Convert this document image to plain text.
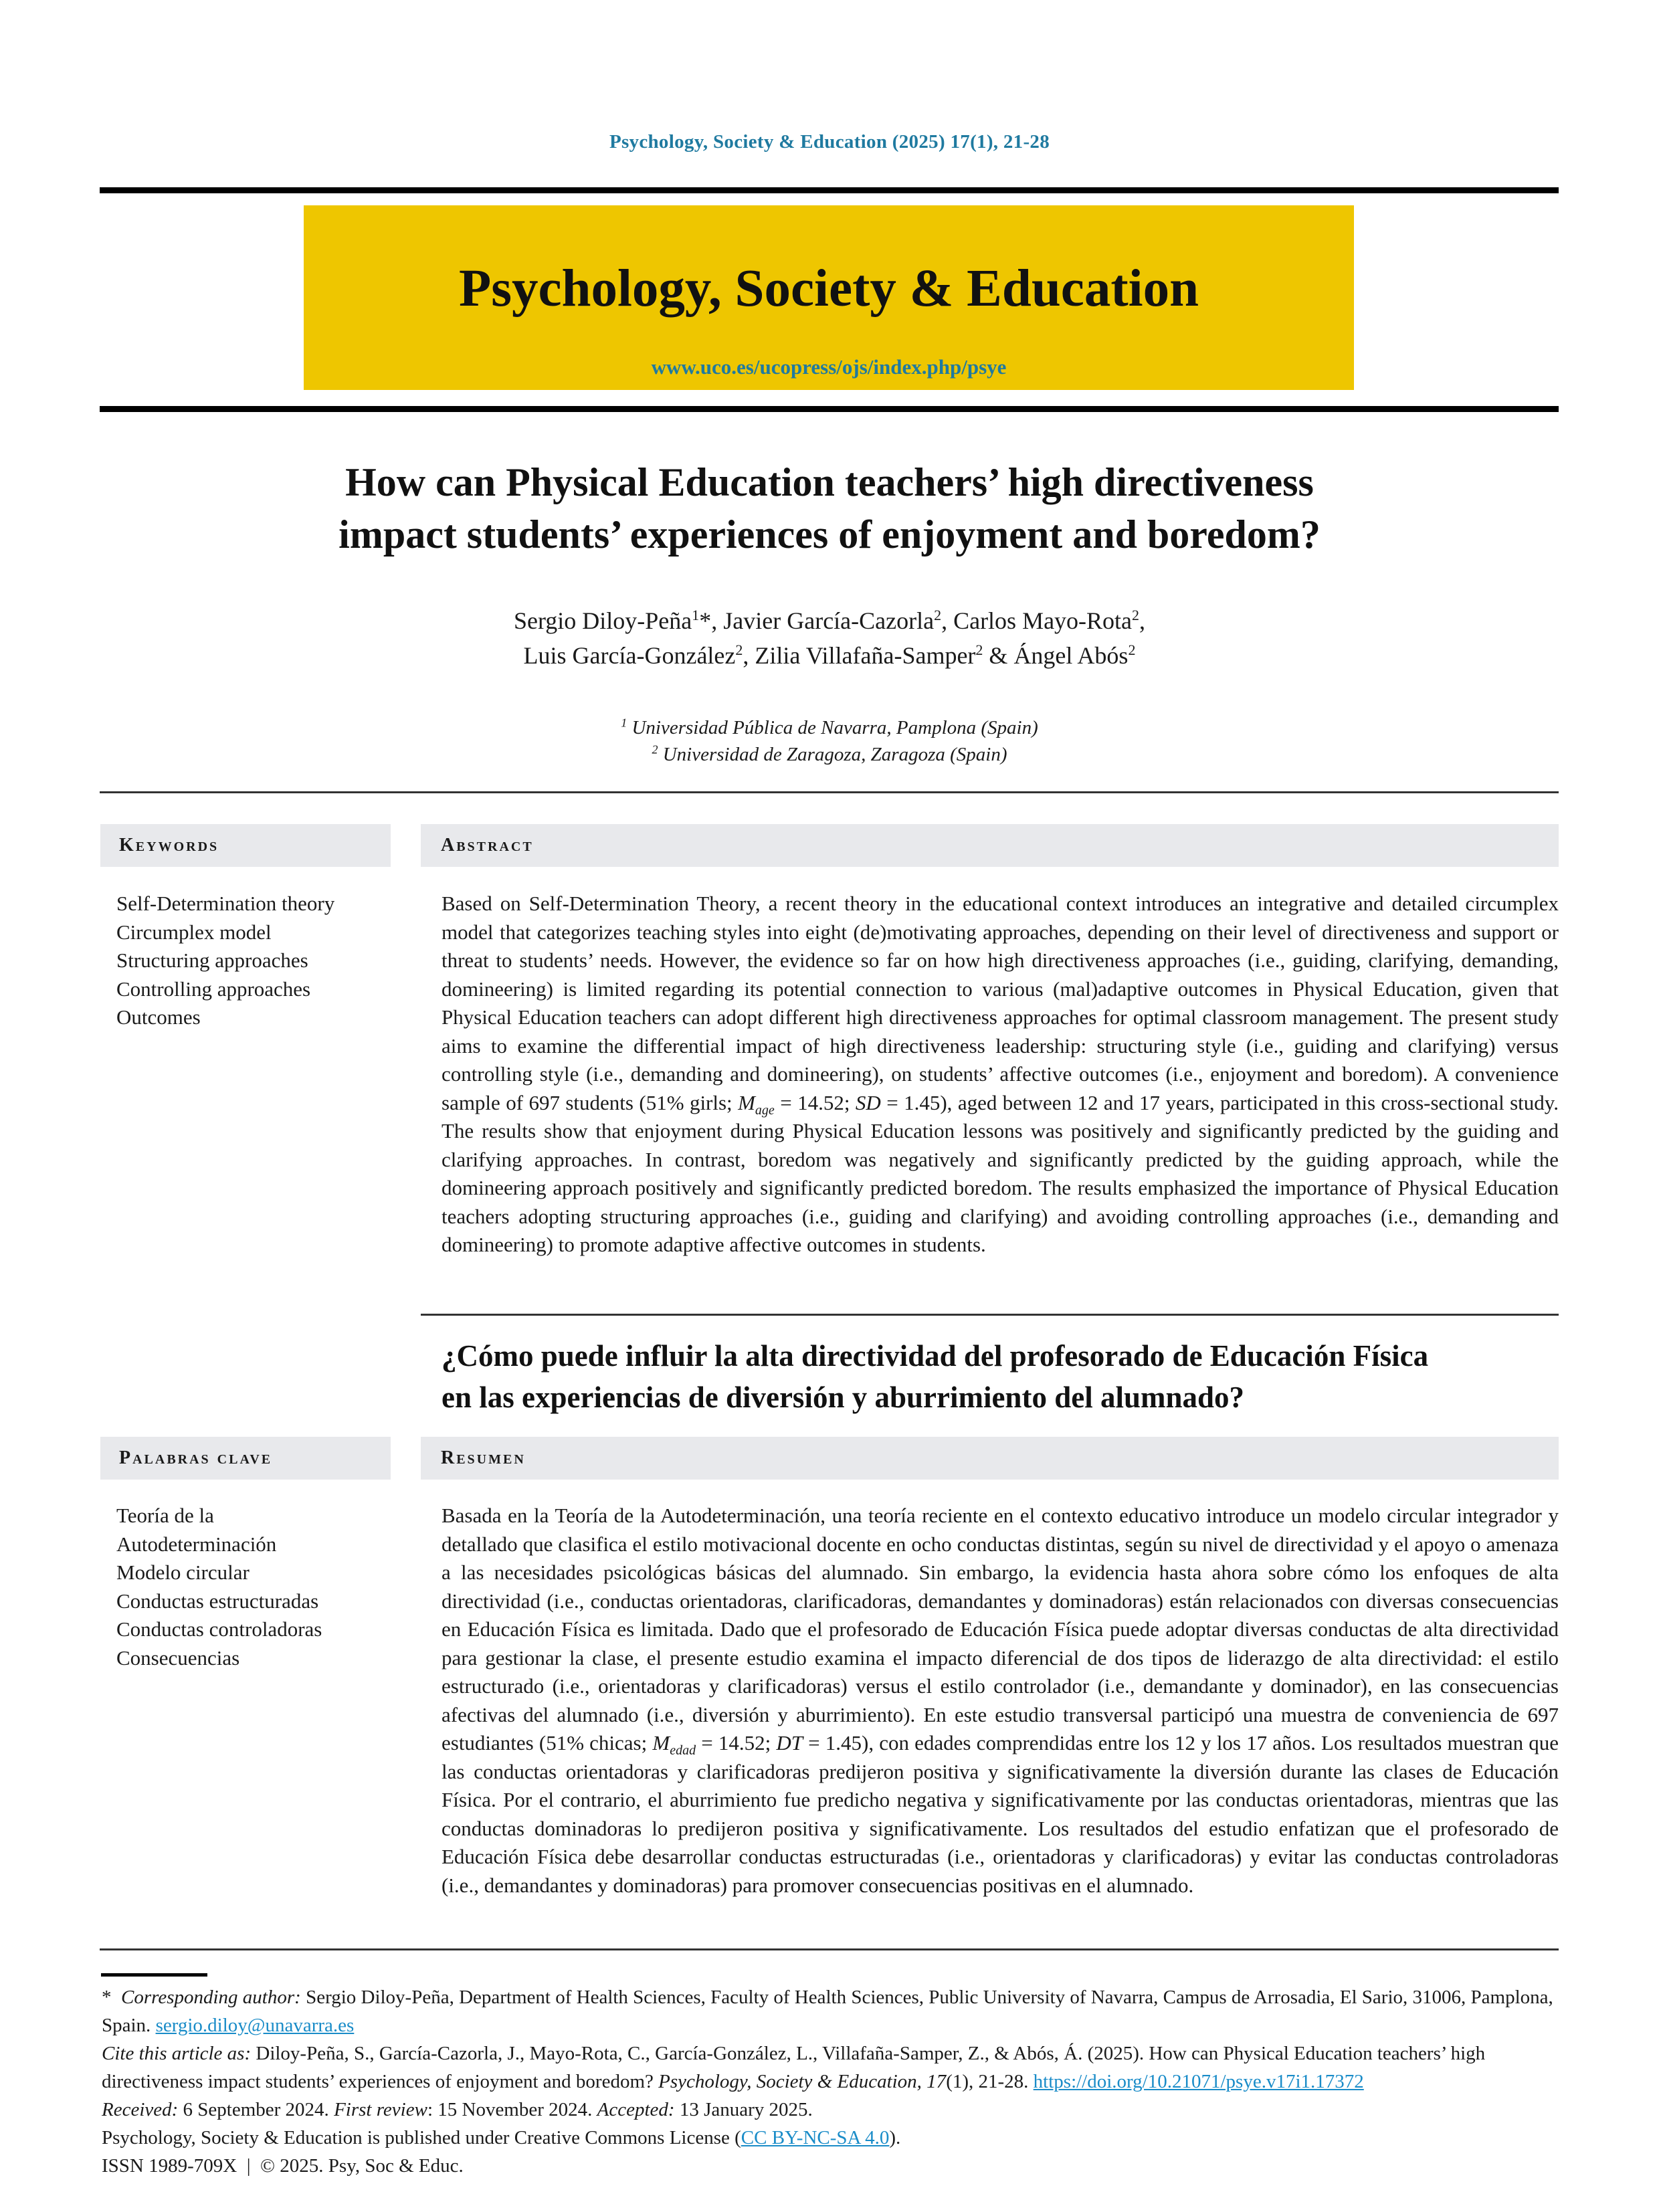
Psychology, Society & Education (2025) 17(1), 21-28
Psychology, Society & Education
www.uco.es/ucopress/ojs/index.php/psye
How can Physical Education teachers’ high directiveness
impact students’ experiences of enjoyment and boredom?
Sergio Diloy-Peña$^1$*, Javier García-Cazorla$^2$, Carlos Mayo-Rota$^2$,
Luis García-González$^2$, Zilia Villafaña-Samper$^2$ & Ángel Abós$^2$
$^1$ Universidad Pública de Navarra, Pamplona (Spain)
$^2$ Universidad de Zaragoza, Zaragoza (Spain)
Keywords	Abstract
Self-Determination theory
Circumplex model
Structuring approaches
Controlling approaches
Outcomes
Based on Self-Determination Theory, a recent theory in the educational context introduces an integrative and detailed circumplex model that categorizes teaching styles into eight (de)motivating approaches, depending on their level of directiveness and support or threat to students’ needs. However, the evidence so far on how high directiveness approaches (i.e., guiding, clarifying, demanding, domineering) is limited regarding its potential connection to various (mal)adaptive outcomes in Physical Education, given that Physical Education teachers can adopt different high directiveness approaches for optimal classroom management. The present study aims to examine the differential impact of high directiveness leadership: structuring style (i.e., guiding and clarifying) versus controlling style (i.e., demanding and domineering), on students’ affective outcomes (i.e., enjoyment and boredom). A convenience sample of 697 students (51% girls; $M_{age} = 14.52$; SD = 1.45), aged between 12 and 17 years, participated in this cross-sectional study. The results show that enjoyment during Physical Education lessons was positively and significantly predicted by the guiding and clarifying approaches. In contrast, boredom was negatively and significantly predicted by the guiding approach, while the domineering approach positively and significantly predicted boredom. The results emphasized the importance of Physical Education teachers adopting structuring approaches (i.e., guiding and clarifying) and avoiding controlling approaches (i.e., demanding and domineering) to promote adaptive affective outcomes in students.
¿Cómo puede influir la alta directividad del profesorado de Educación Física
en las experiencias de diversión y aburrimiento del alumnado?
Palabras clave	Resumen
Teoría de la
Autodeterminación
Modelo circular
Conductas estructuradas
Conductas controladoras
Consecuencias
Basada en la Teoría de la Autodeterminación, una teoría reciente en el contexto educativo introduce un modelo circular integrador y detallado que clasifica el estilo motivacional docente en ocho conductas distintas, según su nivel de directividad y el apoyo o amenaza a las necesidades psicológicas básicas del alumnado. Sin embargo, la evidencia hasta ahora sobre cómo los enfoques de alta directividad (i.e., conductas orientadoras, clarificadoras, demandantes y dominadoras) están relacionados con diversas consecuencias en Educación Física es limitada. Dado que el profesorado de Educación Física puede adoptar diversas conductas de alta directividad para gestionar la clase, el presente estudio examina el impacto diferencial de dos tipos de liderazgo de alta directividad: el estilo estructurado (i.e., orientadoras y clarificadoras) versus el estilo controlador (i.e., demandante y dominador), en las consecuencias afectivas del alumnado (i.e., diversión y aburrimiento). En este estudio transversal participó una muestra de conveniencia de 697 estudiantes (51% chicas; $M_{edad} = 14.52$; DT = 1.45), con edades comprendidas entre los 12 y los 17 años. Los resultados muestran que las conductas orientadoras y clarificadoras predijeron positiva y significativamente la diversión durante las clases de Educación Física. Por el contrario, el aburrimiento fue predicho negativa y significativamente por las conductas orientadoras, mientras que las conductas dominadoras lo predijeron positiva y significativamente. Los resultados del estudio enfatizan que el profesorado de Educación Física debe desarrollar conductas estructuradas (i.e., orientadoras y clarificadoras) y evitar las conductas controladoras (i.e., demandantes y dominadoras) para promover consecuencias positivas en el alumnado.
* Corresponding author: Sergio Diloy-Peña, Department of Health Sciences, Faculty of Health Sciences, Public University of Navarra, Campus de Arrosadia, El Sario, 31006, Pamplona, Spain. sergio.diloy@unavarra.es
Cite this article as: Diloy-Peña, S., García-Cazorla, J., Mayo-Rota, C., García-González, L., Villafaña-Samper, Z., & Abós, Á. (2025). How can Physical Education teachers’ high directiveness impact students’ experiences of enjoyment and boredom? Psychology, Society & Education, 17(1), 21-28. https://doi.org/10.21071/psye.v17i1.17372
Received: 6 September 2024. First review: 15 November 2024. Accepted: 13 January 2025.
Psychology, Society & Education is published under Creative Commons License (CC BY-NC-SA 4.0).
ISSN 1989-709X  |  © 2025. Psy, Soc & Educ.
